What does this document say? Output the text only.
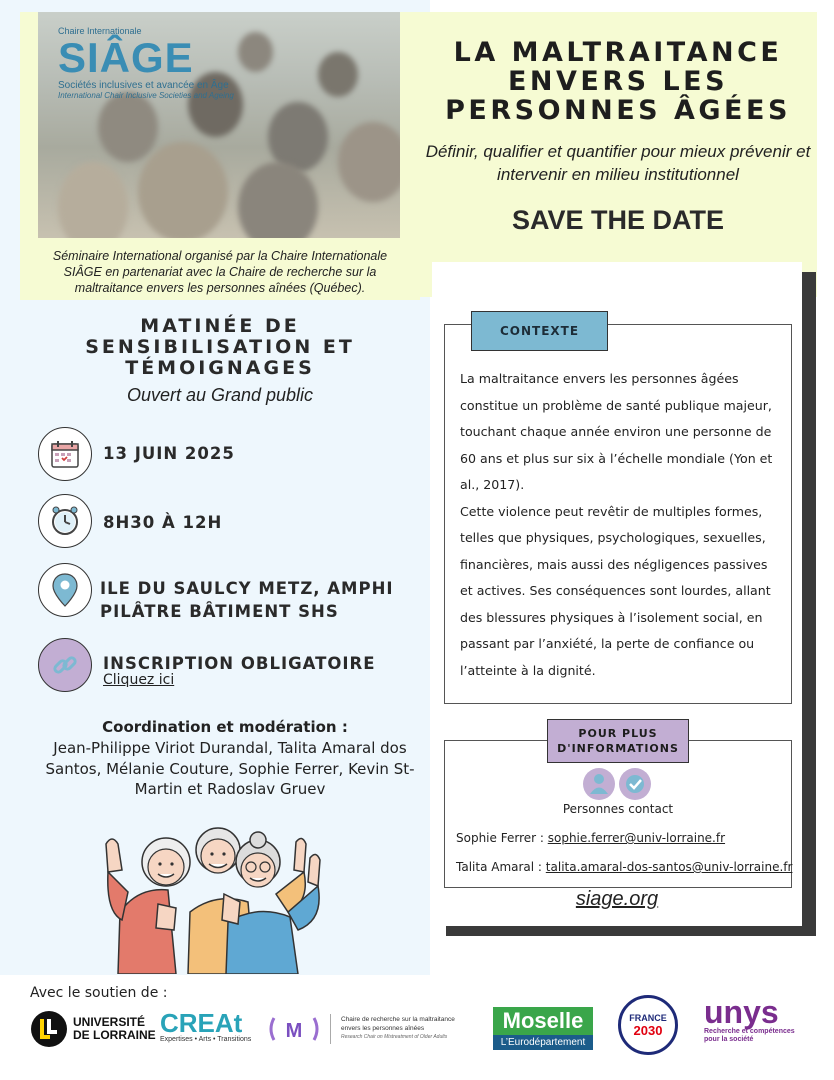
Chaire Internationale
SIÂGE
Sociétés inclusives et avancée en Âge
International Chair Inclusive Societies and Ageing
Séminaire International organisé par la Chaire Internationale SIÂGE en partenariat avec la Chaire de recherche sur la maltraitance envers les personnes aînées (Québec).
LA MALTRAITANCE
ENVERS LES
PERSONNES ÂGÉES
Définir, qualifier et quantifier pour mieux prévenir et intervenir en milieu institutionnel
SAVE THE DATE
CONTEXTE
La maltraitance envers les personnes âgées constitue un problème de santé publique majeur, touchant chaque année environ une personne de 60 ans et plus sur six à l’échelle mondiale (Yon et al., 2017).
Cette violence peut revêtir de multiples formes, telles que physiques, psychologiques, sexuelles, financières, mais aussi des négligences passives et actives. Ses conséquences sont lourdes, allant des blessures physiques à l’isolement social, en passant par l’anxiété, la perte de confiance ou l’atteinte à la dignité.
POUR PLUS
D'INFORMATIONS
Personnes contact
Sophie Ferrer : sophie.ferrer@univ-lorraine.fr
Talita Amaral : talita.amaral-dos-santos@univ-lorraine.fr
siage.org
MATINÉE DE
SENSIBILISATION ET
TÉMOIGNAGES
Ouvert au Grand public
13 JUIN 2025
8H30 À 12H
ILE DU SAULCY METZ, AMPHI
PILÂTRE BÂTIMENT SHS
INSCRIPTION OBLIGATOIRE
Cliquez ici
Coordination et modération :
Jean-Philippe Viriot Durandal, Talita Amaral dos Santos, Mélanie Couture, Sophie Ferrer, Kevin St-Martin et Radoslav Gruev
Avec le soutien de :
UNIVERSITÉ
DE LORRAINE CREAt
Expertises • Arts • Transitions M
Chaire de recherche sur la maltraitance
envers les personnes aînées
Research Chair on Mistreatment of Older Adults
Moselle
L’Eurodépartement
FRANCE
2030 unys
Recherche et compétences
pour la société
